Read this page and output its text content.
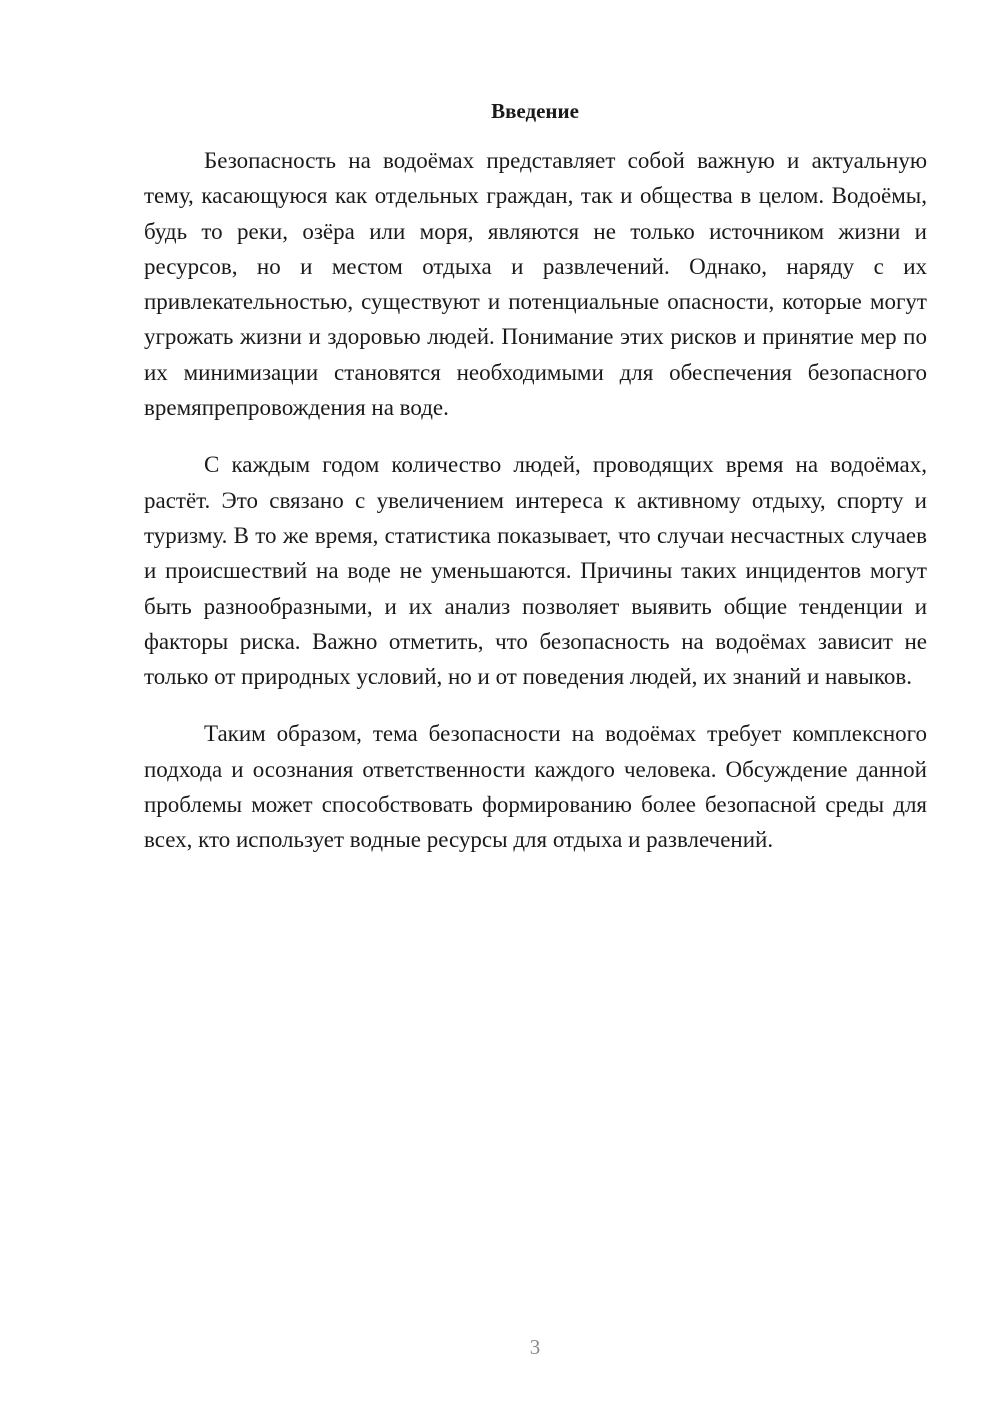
Введение

Безопасность на водоёмах представляет собой важную и актуальную тему, касающуюся как отдельных граждан, так и общества в целом. Водоёмы, будь то реки, озёра или моря, являются не только источником жизни и ресурсов, но и местом отдыха и развлечений. Однако, наряду с их привлекательностью, существуют и потенциальные опасности, которые могут угрожать жизни и здоровью людей. Понимание этих рисков и принятие мер по их минимизации становятся необходимыми для обеспечения безопасного времяпрепровождения на воде.

С каждым годом количество людей, проводящих время на водоёмах, растёт. Это связано с увеличением интереса к активному отдыху, спорту и туризму. В то же время, статистика показывает, что случаи несчастных случаев и происшествий на воде не уменьшаются. Причины таких инцидентов могут быть разнообразными, и их анализ позволяет выявить общие тенденции и факторы риска. Важно отметить, что безопасность на водоёмах зависит не только от природных условий, но и от поведения людей, их знаний и навыков.

Таким образом, тема безопасности на водоёмах требует комплексного подхода и осознания ответственности каждого человека. Обсуждение данной проблемы может способствовать формированию более безопасной среды для всех, кто использует водные ресурсы для отдыха и развлечений.

3
